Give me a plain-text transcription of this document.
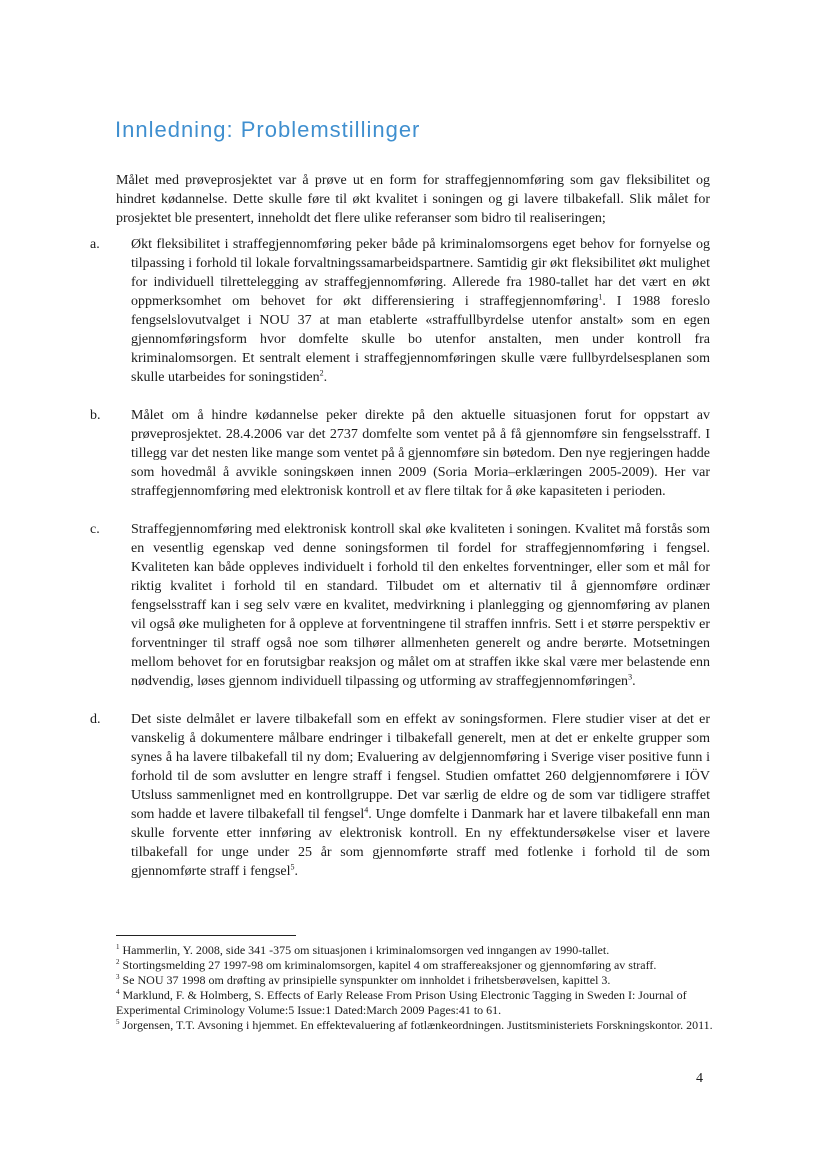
Innledning: Problemstillinger

Målet med prøveprosjektet var å prøve ut en form for straffegjennomføring som gav fleksibilitet og hindret kødannelse. Dette skulle føre til økt kvalitet i soningen og gi lavere tilbakefall. Slik målet for prosjektet ble presentert, inneholdt det flere ulike referanser som bidro til realiseringen;

a. Økt fleksibilitet i straffegjennomføring peker både på kriminalomsorgens eget behov for fornyelse og tilpassing i forhold til lokale forvaltningssamarbeidspartnere. Samtidig gir økt fleksibilitet økt mulighet for individuell tilrettelegging av straffegjennomføring. Allerede fra 1980-tallet har det vært en økt oppmerksomhet om behovet for økt differensiering i straffegjennomføring$^1$. I 1988 foreslo fengselslovutvalget i NOU 37 at man etablerte «straffullbyrdelse utenfor anstalt» som en egen gjennomføringsform hvor domfelte skulle bo utenfor anstalten, men under kontroll fra kriminalomsorgen. Et sentralt element i straffegjennomføringen skulle være fullbyrdelsesplanen som skulle utarbeides for soningstiden$^2$.
b. Målet om å hindre kødannelse peker direkte på den aktuelle situasjonen forut for oppstart av prøveprosjektet. 28.4.2006 var det 2737 domfelte som ventet på å få gjennomføre sin fengselsstraff. I tillegg var det nesten like mange som ventet på å gjennomføre sin bøtedom. Den nye regjeringen hadde som hovedmål å avvikle soningskøen innen 2009 (Soria Moria–erklæringen 2005-2009). Her var straffegjennomføring med elektronisk kontroll et av flere tiltak for å øke kapasiteten i perioden.
c. Straffegjennomføring med elektronisk kontroll skal øke kvaliteten i soningen. Kvalitet må forstås som en vesentlig egenskap ved denne soningsformen til fordel for straffegjennomføring i fengsel. Kvaliteten kan både oppleves individuelt i forhold til den enkeltes forventninger, eller som et mål for riktig kvalitet i forhold til en standard. Tilbudet om et alternativ til å gjennomføre ordinær fengselsstraff kan i seg selv være en kvalitet, medvirkning i planlegging og gjennomføring av planen vil også øke muligheten for å oppleve at forventningene til straffen innfris. Sett i et større perspektiv er forventninger til straff også noe som tilhører allmenheten generelt og andre berørte. Motsetningen mellom behovet for en forutsigbar reaksjon og målet om at straffen ikke skal være mer belastende enn nødvendig, løses gjennom individuell tilpassing og utforming av straffegjennomføringen$^3$.
d. Det siste delmålet er lavere tilbakefall som en effekt av soningsformen. Flere studier viser at det er vanskelig å dokumentere målbare endringer i tilbakefall generelt, men at det er enkelte grupper som synes å ha lavere tilbakefall til ny dom; Evaluering av delgjennomføring i Sverige viser positive funn i forhold til de som avslutter en lengre straff i fengsel. Studien omfattet 260 delgjennomførere i IÖV Utsluss sammenlignet med en kontrollgruppe. Det var særlig de eldre og de som var tidligere straffet som hadde et lavere tilbakefall til fengsel$^4$. Unge domfelte i Danmark har et lavere tilbakefall enn man skulle forvente etter innføring av elektronisk kontroll. En ny effektundersøkelse viser et lavere tilbakefall for unge under 25 år som gjennomførte straff med fotlenke i forhold til de som gjennomførte straff i fengsel$^5$.
$^1$ Hammerlin, Y. 2008, side 341 -375 om situasjonen i kriminalomsorgen ved inngangen av 1990-tallet.
$^2$ Stortingsmelding 27 1997-98 om kriminalomsorgen, kapitel 4 om straffereaksjoner og gjennomføring av straff.
$^3$ Se NOU 37 1998 om drøfting av prinsipielle synspunkter om innholdet i frihetsberøvelsen, kapittel 3.
$^4$ Marklund, F. & Holmberg, S. Effects of Early Release From Prison Using Electronic Tagging in Sweden I: Journal of Experimental Criminology Volume:5 Issue:1 Dated:March 2009 Pages:41 to 61.
$^5$ Jorgensen, T.T. Avsoning i hjemmet. En effektevaluering af fotlænkeordningen. Justitsministeriets Forskningskontor. 2011.
4
